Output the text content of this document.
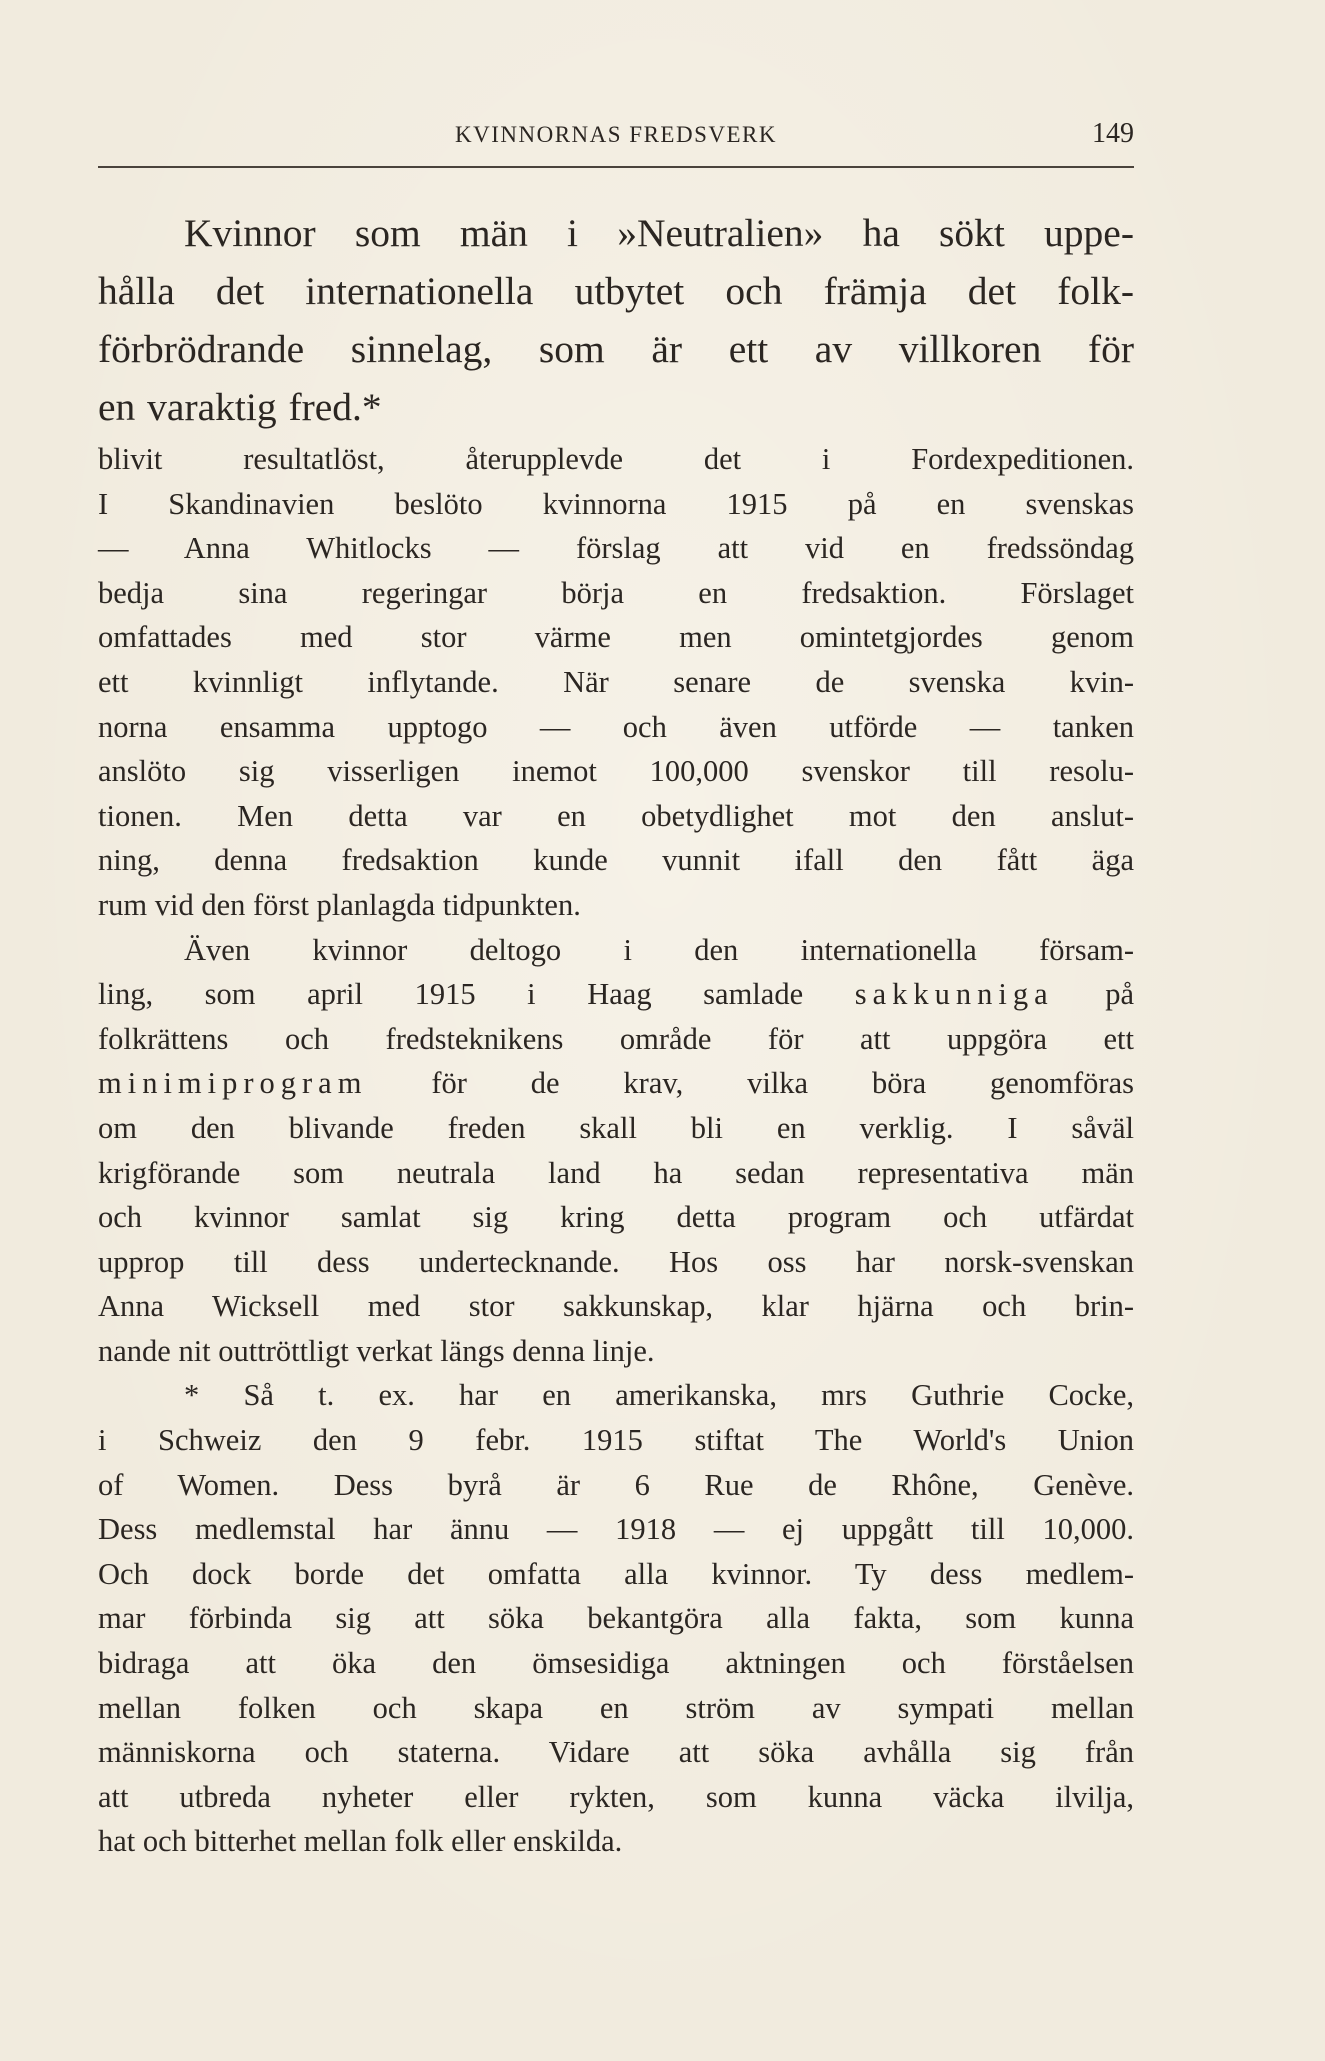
KVINNORNAS FREDSVERK	149
Kvinnor som män i »Neutralien» ha sökt uppe-
hålla det internationella utbytet och främja det folk-
förbrödrande sinnelag, som är ett av villkoren för
en varaktig fred.*
blivit resultatlöst, återupplevde det i Fordexpeditionen.
I Skandinavien beslöto kvinnorna 1915 på en svenskas
— Anna Whitlocks — förslag att vid en fredssöndag
bedja sina regeringar börja en fredsaktion. Förslaget
omfattades med stor värme men omintetgjordes genom
ett kvinnligt inflytande. När senare de svenska kvin-
norna ensamma upptogo — och även utförde — tanken
anslöto sig visserligen inemot 100,000 svenskor till resolu-
tionen. Men detta var en obetydlighet mot den anslut-
ning, denna fredsaktion kunde vunnit ifall den fått äga
rum vid den först planlagda tidpunkten.
Även kvinnor deltogo i den internationella försam-
ling, som april 1915 i Haag samlade sakkunniga på
folkrättens och fredsteknikens område för att uppgöra ett
minimiprogram för de krav, vilka böra genomföras
om den blivande freden skall bli en verklig. I såväl
krigförande som neutrala land ha sedan representativa män
och kvinnor samlat sig kring detta program och utfärdat
upprop till dess undertecknande. Hos oss har norsk-svenskan
Anna Wicksell med stor sakkunskap, klar hjärna och brin-
nande nit outtröttligt verkat längs denna linje.
* Så t. ex. har en amerikanska, mrs Guthrie Cocke,
i Schweiz den 9 febr. 1915 stiftat The World's Union
of Women. Dess byrå är 6 Rue de Rhône, Genève.
Dess medlemstal har ännu — 1918 — ej uppgått till 10,000.
Och dock borde det omfatta alla kvinnor. Ty dess medlem-
mar förbinda sig att söka bekantgöra alla fakta, som kunna
bidraga att öka den ömsesidiga aktningen och förståelsen
mellan folken och skapa en ström av sympati mellan
människorna och staterna. Vidare att söka avhålla sig från
att utbreda nyheter eller rykten, som kunna väcka ilvilja,
hat och bitterhet mellan folk eller enskilda.
